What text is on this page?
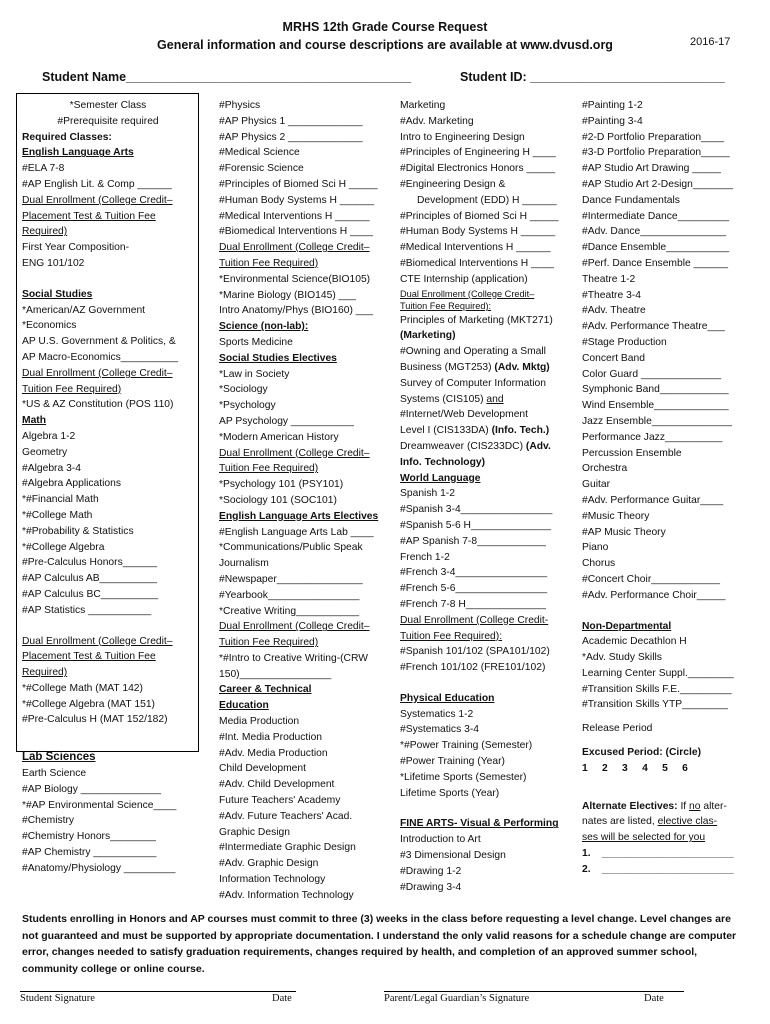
MRHS 12th Grade Course Request
General information and course descriptions are available at www.dvusd.org	2016-17
Student Name_________________________________________	Student ID: ____________________________
*Semester Class
#Prerequisite required
Required Classes:
English Language Arts
#ELA 7-8
#AP English Lit. & Comp ______
Dual Enrollment (College Credit–
Placement Test & Tuition Fee
Required)
First Year Composition-
ENG 101/102
Social Studies
*American/AZ Government
*Economics
AP U.S. Government & Politics, &
AP Macro-Economics__________
Dual Enrollment (College Credit–
Tuition Fee Required)
*US & AZ Constitution (POS 110)
Math
Algebra 1-2
Geometry
#Algebra 3-4
#Algebra Applications
*#Financial Math
*#College Math
*#Probability & Statistics
*#College Algebra
#Pre-Calculus Honors______
#AP Calculus AB__________
#AP Calculus BC__________
#AP Statistics ___________
Dual Enrollment (College Credit–
Placement Test & Tuition Fee
Required)
*#College Math (MAT 142)
*#College Algebra (MAT 151)
#Pre-Calculus H (MAT 152/182)
Lab Sciences
Earth Science
#AP Biology ______________
*#AP Environmental Science____
#Chemistry
#Chemistry Honors________
#AP Chemistry ___________
#Anatomy/Physiology _________
#Physics
#AP Physics 1 _____________
#AP Physics 2 _____________
#Medical Science
#Forensic Science
#Principles of Biomed Sci H _____
#Human Body Systems H ______
#Medical Interventions H ______
#Biomedical Interventions H ____
Dual Enrollment (College Credit–
Tuition Fee Required)
*Environmental Science(BIO105)
*Marine Biology (BIO145) ___
Intro Anatomy/Phys (BIO160) ___
Science (non-lab):
Sports Medicine
Social Studies Electives
*Law in Society
*Sociology
*Psychology
AP Psychology ___________
*Modern American History
Dual Enrollment (College Credit–
Tuition Fee Required)
*Psychology 101 (PSY101)
*Sociology 101 (SOC101)
English Language Arts Electives
#English Language Arts Lab ____
*Communications/Public Speak
Journalism
#Newspaper_______________
#Yearbook________________
*Creative Writing___________
Dual Enrollment (College Credit–
Tuition Fee Required)
*#Intro to Creative Writing-(CRW
150)________________
Career & Technical
Education
Media Production
#Int. Media Production
#Adv. Media Production
Child Development
#Adv. Child Development
Future Teachers' Academy
#Adv. Future Teachers' Acad.
Graphic Design
#Intermediate Graphic Design
#Adv. Graphic Design
Information Technology
#Adv. Information Technology
Marketing
#Adv. Marketing
Intro to Engineering Design
#Principles of Engineering H ____
#Digital Electronics Honors _____
#Engineering Design &
Development (EDD) H ______
#Principles of Biomed Sci H _____
#Human Body Systems H ______
#Medical Interventions H ______
#Biomedical Interventions H ____
CTE Internship (application)
Dual Enrollment (College Credit–
Tuition Fee Required):
Principles of Marketing (MKT271)
(Marketing)
#Owning and Operating a Small
Business (MGT253) (Adv. Mktg)
Survey of Computer Information
Systems (CIS105) and
#Internet/Web Development
Level I (CIS133DA) (Info. Tech.)
Dreamweaver (CIS233DC) (Adv.
Info. Technology)
World Language
Spanish 1-2
#Spanish 3-4________________
#Spanish 5-6 H______________
#AP Spanish 7-8____________
French 1-2
#French 3-4________________
#French 5-6________________
#French 7-8 H______________
Dual Enrollment (College Credit-
Tuition Fee Required):
#Spanish 101/102 (SPA101/102)
#French 101/102 (FRE101/102)
Physical Education
Systematics 1-2
#Systematics 3-4
*#Power Training (Semester)
#Power Training (Year)
*Lifetime Sports (Semester)
Lifetime Sports (Year)
FINE ARTS- Visual & Performing
Introduction to Art
#3 Dimensional Design
#Drawing 1-2
#Drawing 3-4
#Painting 1-2
#Painting 3-4
#2-D Portfolio Preparation____
#3-D Portfolio Preparation_____
#AP Studio Art Drawing _____
#AP Studio Art 2-Design_______
Dance Fundamentals
#Intermediate Dance_________
#Adv. Dance_______________
#Dance Ensemble___________
#Perf. Dance Ensemble ______
Theatre 1-2
#Theatre 3-4
#Adv. Theatre
#Adv. Performance Theatre___
#Stage Production
Concert Band
Color Guard ______________
Symphonic Band____________
Wind Ensemble_____________
Jazz Ensemble______________
Performance Jazz__________
Percussion Ensemble
Orchestra
Guitar
#Adv. Performance Guitar____
#Music Theory
#AP Music Theory
Piano
Chorus
#Concert Choir____________
#Adv. Performance Choir_____
Non-Departmental
Academic Decathlon H
*Adv. Study Skills
Learning Center Suppl.________
#Transition Skills F.E._________
#Transition Skills YTP________
Release Period
Excused Period: (Circle)
1     2     3     4     5     6
Alternate Electives: If no alter-
nates are listed, elective clas-
ses will be selected for you
1.    _______________________
2.    _______________________
Students enrolling in Honors and AP courses must commit to three (3) weeks in the class before requesting a level change. Level changes are not guaranteed and must be supported by appropriate documentation. I understand the only valid reasons for a schedule change are computer error, changes needed to satisfy graduation requirements, changes required by health, and completion of an approved summer school, community college or online course.
Student Signature	Date	Parent/Legal Guardian’s Signature	Date
